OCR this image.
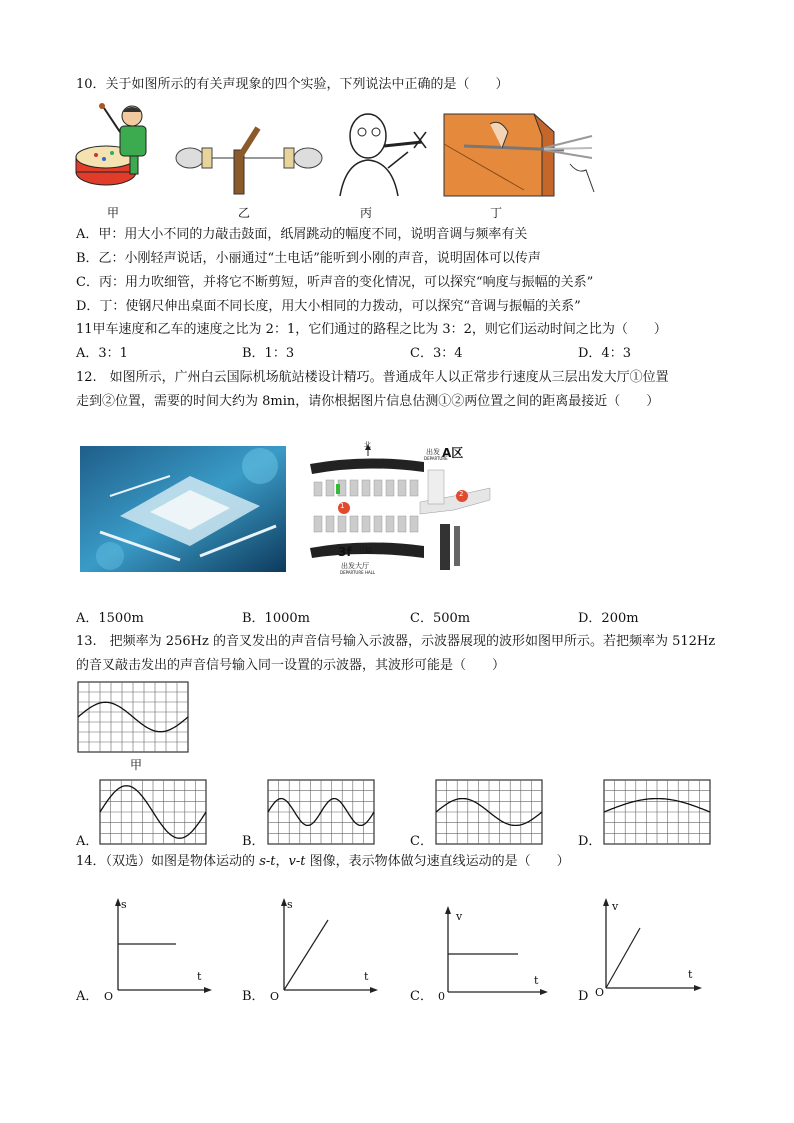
10．关于如图所示的有关声现象的四个实验，下列说法中正确的是（　　）
甲	乙	丙	丁
A．甲：用大小不同的力敲击鼓面，纸屑跳动的幅度不同，说明音调与频率有关
B．乙：小刚轻声说话，小丽通过“土电话”能听到小刚的声音，说明固体可以传声
C．丙：用力吹细管，并将它不断剪短，听声音的变化情况，可以探究“响度与振幅的关系”
D．丁：使钢尺伸出桌面不同长度，用大小相同的力拨动，可以探究“音调与振幅的关系”
11甲车速度和乙车的速度之比为 2：1，它们通过的路程之比为 3：2，则它们运动时间之比为（　　）
A．3：1	B．1：3	C．3：4	D．4：3
12.　如图所示，广州白云国际机场航站楼设计精巧。普通成年人以正常步行速度从三层出发大厅①位置
走到②位置，需要的时间大约为 8min，请你根据图片信息估测①②两位置之间的距离最接近（　　）
北
出发
DEPARTURE
A区
1
2
3f 三层
出发大厅
DEPARTURE HALL
A．1500m	B．1000m	C．500m	D．200m
13.　把频率为 256Hz 的音叉发出的声音信号输入示波器，示波器展现的波形如图甲所示。若把频率为 512Hz
的音叉敲击发出的声音信号输入同一设置的示波器，其波形可能是（　　）
甲
A．	B．	C．	D．
14．（双选）如图是物体运动的 s-t，v-t 图像，表示物体做匀速直线运动的是（　　）
s
t
O
A．
s
t
O
B．
v
t
0
C．
v
t
O
D
